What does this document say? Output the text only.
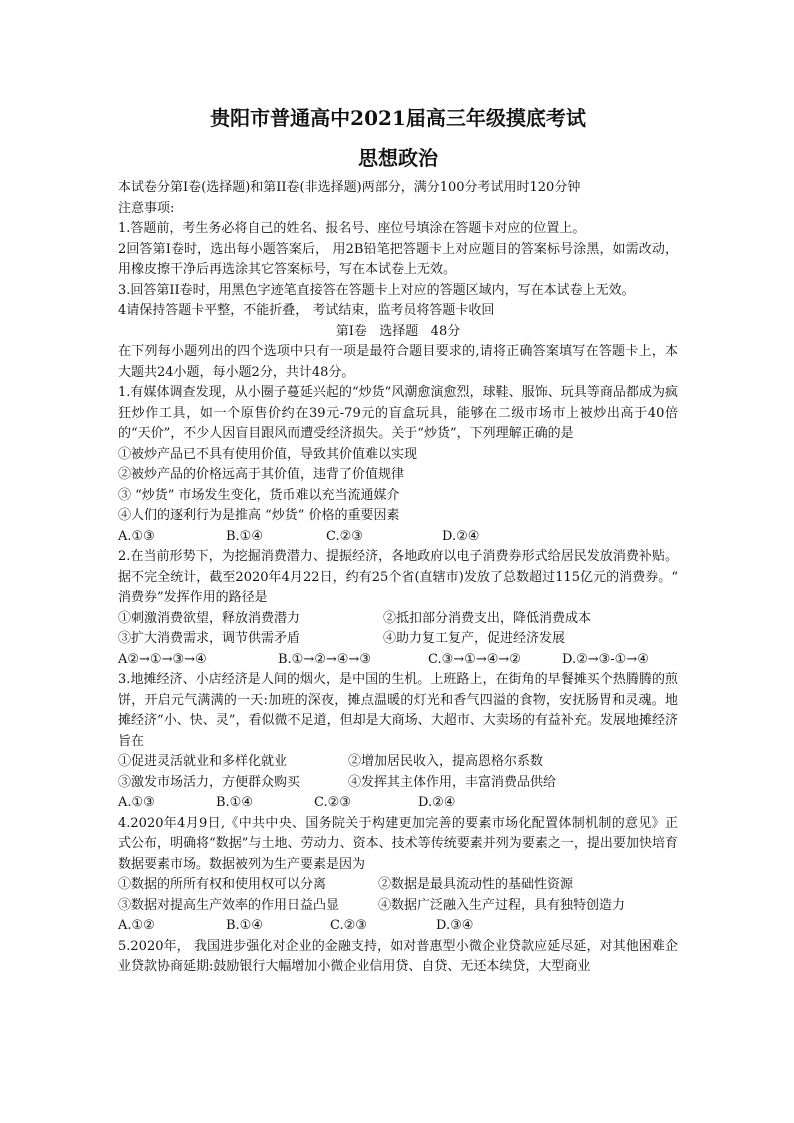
贵阳市普通高中2021届高三年级摸底考试

思想政治

本试卷分第I卷(选择题)和第II卷(非选择题)两部分，满分100分考试用时120分钟

注意事项:

1.答题前，考生务必将自己的姓名、报名号、座位号填涂在答题卡对应的位置上。

2回答第I卷时，选出每小题答案后， 用2B铅笔把答题卡上对应题目的答案标号涂黑，如需改动，用橡皮擦干净后再选涂其它答案标号，写在本试卷上无效。

3.回答第II卷时，用黑色字迹笔直接答在答题卡上对应的答题区域内，写在本试卷上无效。

4请保持答题卡平整，不能折叠， 考试结束，监考员将答题卡收回

第I卷   选择题   48分

在下列每小题列出的四个选项中只有一项是最符合题目要求的,请将正确答案填写在答题卡上，本大题共24小题，每小题2分，共计48分。

1.有媒体调查发现，从小圈子蔓延兴起的“炒货”风潮愈演愈烈，球鞋、服饰、玩具等商品都成为疯狂炒作工具，如一个原售价约在39元-79元的盲盒玩具，能够在二级市场市上被炒出高于40倍的“天价”，不少人因盲目跟风而遭受经济损失。关于“炒货”，下列理解正确的是

①被炒产品已不具有使用价值，导致其价值难以实现

②被炒产品的价格远高于其价值，违背了价值规律

③ “炒货” 市场发生变化，货币难以充当流通媒介

④人们的逐利行为是推高 “炒货” 价格的重要因素

A.①③	B.①④	C.②③	D.②④

2.在当前形势下，为挖掘消费潜力、提振经济，各地政府以电子消费券形式给居民发放消费补贴。据不完全统计，截至2020年4月22日，约有25个省(直辖市)发放了总数超过115亿元的消费券。“ 消费券”发挥作用的路径是

①刺激消费欲望，释放消费潜力	②抵扣部分消费支出，降低消费成本
③扩大消费需求，调节供需矛盾	④助力复工复产，促进经济发展
A②→①→③→④	B.①→②→④→③	C.③→①→④→②	D.②→③-①→④

3.地摊经济、小店经济是人间的烟火，是中国的生机。上班路上，在街角的早餐摊买个热腾腾的煎饼，开启元气满满的一天:加班的深夜，摊点温暖的灯光和香气四溢的食物，安抚肠胃和灵魂。地摊经济“小、快、灵”，看似微不足道，但却是大商场、大超市、大卖场的有益补充。发展地摊经济旨在

①促进灵活就业和多样化就业	②增加居民收入，提高恩格尔系数
③激发市场活力，方便群众购买	④发挥其主体作用，丰富消费品供给
A.①③	B.①④	C.②③	D.②④

4.2020年4月9日,《中共中央、国务院关于构建更加完善的要素市场化配置体制机制的意见》正式公布，明确将“数据”与土地、劳动力、资本、技术等传统要素并列为要素之一，提出要加快培育数据要素市场。数据被列为生产要素是因为

①数据的所所有权和使用权可以分离	②数据是最具流动性的基础性资源
③数据对提高生产效率的作用日益凸显	④数据广泛融入生产过程，具有独特创造力
A.①②	B.①④	C.②③	D.③④

5.2020年， 我国进步强化对企业的金融支持，如对普惠型小微企业贷款应延尽延，对其他困难企业贷款协商延期:鼓励银行大幅增加小微企业信用贷、自贷、无还本续贷，大型商业
